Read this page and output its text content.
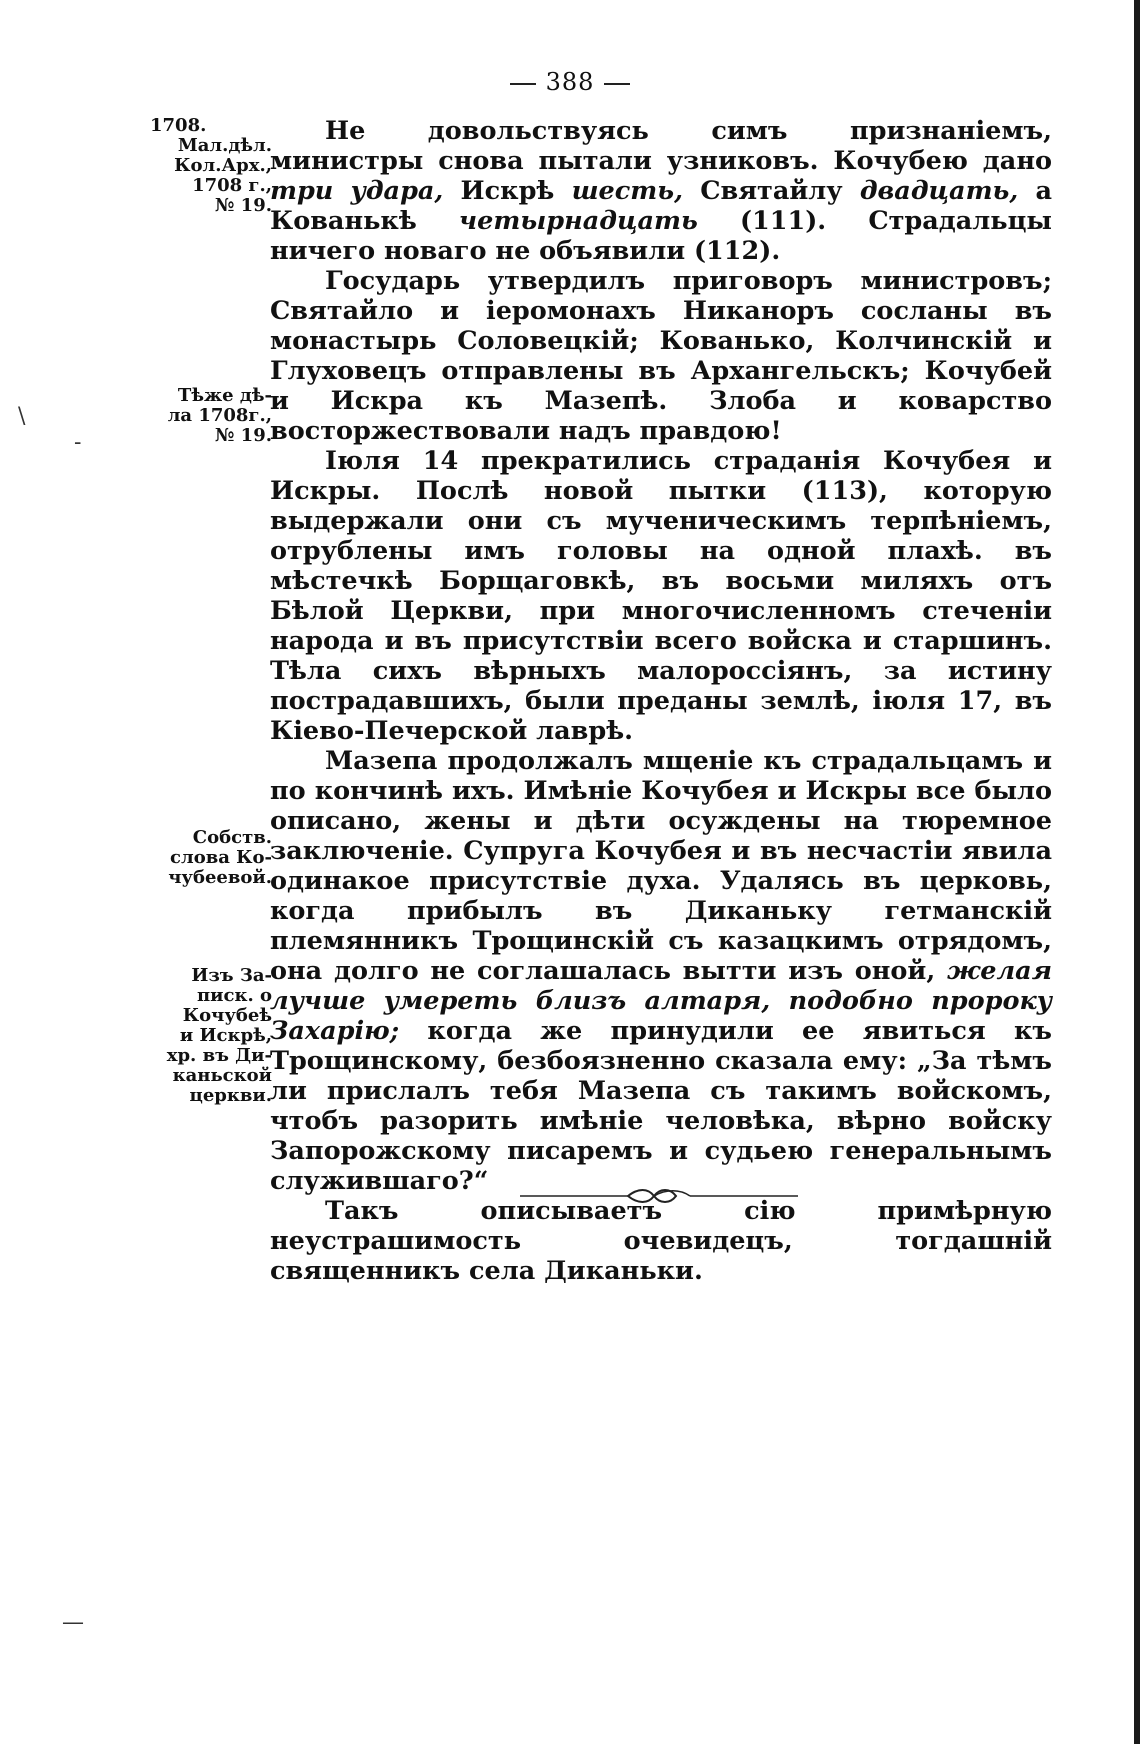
\
-
—
388
1708.
Мал.дѣл.
Кол.Арх.,
1708 г.,
№ 19.
Тѣже дѣ-
ла 1708г.,
№ 19.
Собств.
слова Ко-
чубеевой.
Изъ За-
писк. о
Кочубеѣ
и Искрѣ,
хр. въ Ди-
каньской
церкви.

Не довольствуясь симъ признаніемъ, министры снова пытали узниковъ. Кочубею дано три удара, Искрѣ шесть, Святайлу двадцать, а Кованькѣ четырнадцать (111). Страдальцы ничего новаго не объявили (112).

Государь утвердилъ приговоръ министровъ; Святайло и іеромонахъ Никаноръ сосланы въ монастырь Соловецкій; Кованько, Колчинскій и Глуховецъ отправлены въ Архангельскъ; Кочубей и Искра къ Мазепѣ. Злоба и коварство восторжествовали надъ правдою!

Іюля 14 прекратились страданія Кочубея и Искры. Послѣ новой пытки (113), которую выдержали они съ мученическимъ терпѣніемъ, отрублены имъ головы на одной плахѣ. въ мѣстечкѣ Борщаговкѣ, въ восьми миляхъ отъ Бѣлой Церкви, при многочисленномъ стеченіи народа и въ присутствіи всего войска и старшинъ. Тѣла сихъ вѣрныхъ малороссіянъ, за истину пострадавшихъ, были преданы землѣ, іюля 17, въ Кіево-Печерской лаврѣ.

Мазепа продолжалъ мщеніе къ страдальцамъ и по кончинѣ ихъ. Имѣніе Кочубея и Искры все было описано, жены и дѣти осуждены на тюремное заключеніе. Супруга Кочубея и въ несчастіи явила одинакое присутствіе духа. Удалясь въ церковь, когда прибылъ въ Диканьку гетманскій племянникъ Трощинскій съ казацкимъ отрядомъ, она долго не соглашалась вытти изъ оной, желая лучше умереть близъ алтаря, подобно пророку Захарію; когда же принудили ее явиться къ Трощинскому, безбоязненно сказала ему: „За тѣмъ ли прислалъ тебя Мазепа съ такимъ войскомъ, чтобъ разорить имѣніе человѣка, вѣрно войску Запорожскому писаремъ и судьею генеральнымъ служившаго?“

Такъ описываетъ сію примѣрную неустрашимость очевидецъ, тогдашній священникъ села Диканьки.
